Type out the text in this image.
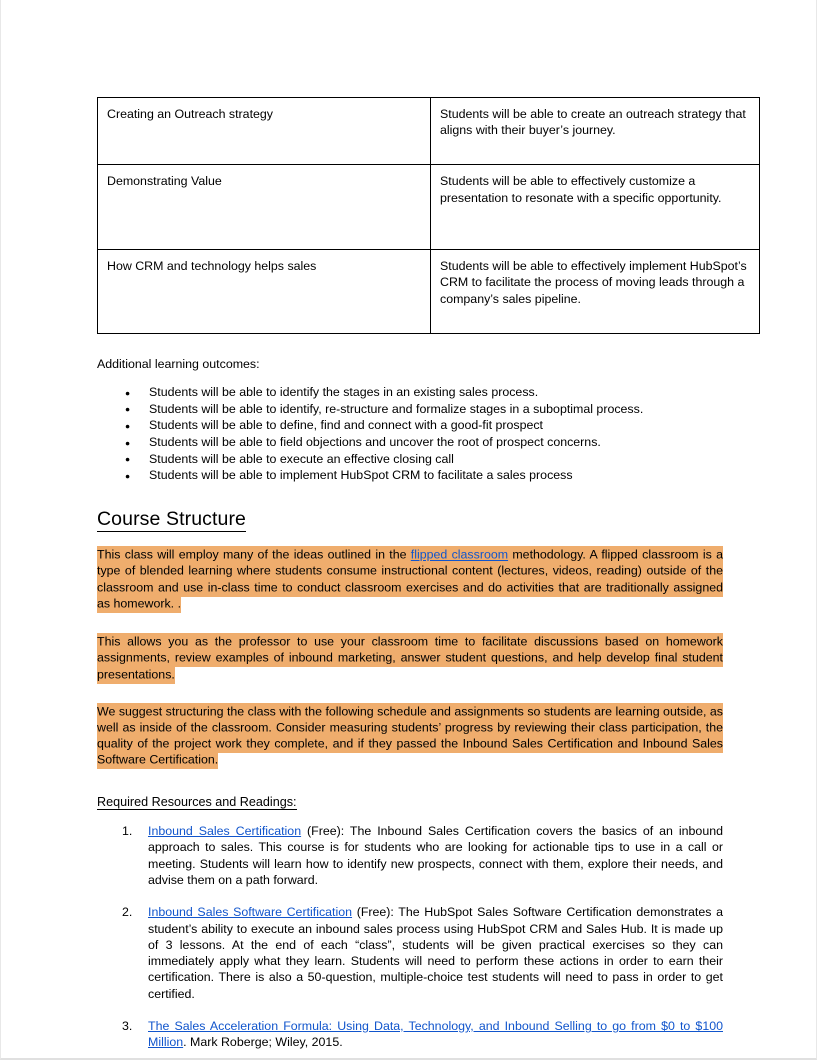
Creating an Outreach strategy	Students will be able to create an outreach strategy that aligns with their buyer’s journey.

Demonstrating Value	Students will be able to effectively customize a presentation to resonate with a specific opportunity.

How CRM and technology helps sales	Students will be able to effectively implement HubSpot’s CRM to facilitate the process of moving leads through a company’s sales pipeline.

Additional learning outcomes:

● Students will be able to identify the stages in an existing sales process.
● Students will be able to identify, re-structure and formalize stages in a suboptimal process.
● Students will be able to define, find and connect with a good-fit prospect
● Students will be able to field objections and uncover the root of prospect concerns.
● Students will be able to execute an effective closing call
● Students will be able to implement HubSpot CRM to facilitate a sales process
Course Structure

This class will employ many of the ideas outlined in the flipped classroom methodology. A flipped classroom is a type of blended learning where students consume instructional content (lectures, videos, reading) outside of the classroom and use in-class time to conduct classroom exercises and do activities that are traditionally assigned as homework. .

This allows you as the professor to use your classroom time to facilitate discussions based on homework assignments, review examples of inbound marketing, answer student questions, and help develop final student presentations.

We suggest structuring the class with the following schedule and assignments so students are learning outside, as well as inside of the classroom. Consider measuring students’ progress by reviewing their class participation, the quality of the project work they complete, and if they passed the Inbound Sales Certification and Inbound Sales Software Certification.

Required Resources and Readings:
Inbound Sales Certification (Free): The Inbound Sales Certification covers the basics of an inbound approach to sales. This course is for students who are looking for actionable tips to use in a call or meeting. Students will learn how to identify new prospects, connect with them, explore their needs, and advise them on a path forward.
Inbound Sales Software Certification (Free): The HubSpot Sales Software Certification demonstrates a student’s ability to execute an inbound sales process using HubSpot CRM and Sales Hub. It is made up of 3 lessons. At the end of each “class”, students will be given practical exercises so they can immediately apply what they learn. Students will need to perform these actions in order to earn their certification. There is also a 50-question, multiple-choice test students will need to pass in order to get certified.
The Sales Acceleration Formula: Using Data, Technology, and Inbound Selling to go from $0 to $100 Million. Mark Roberge; Wiley, 2015.
